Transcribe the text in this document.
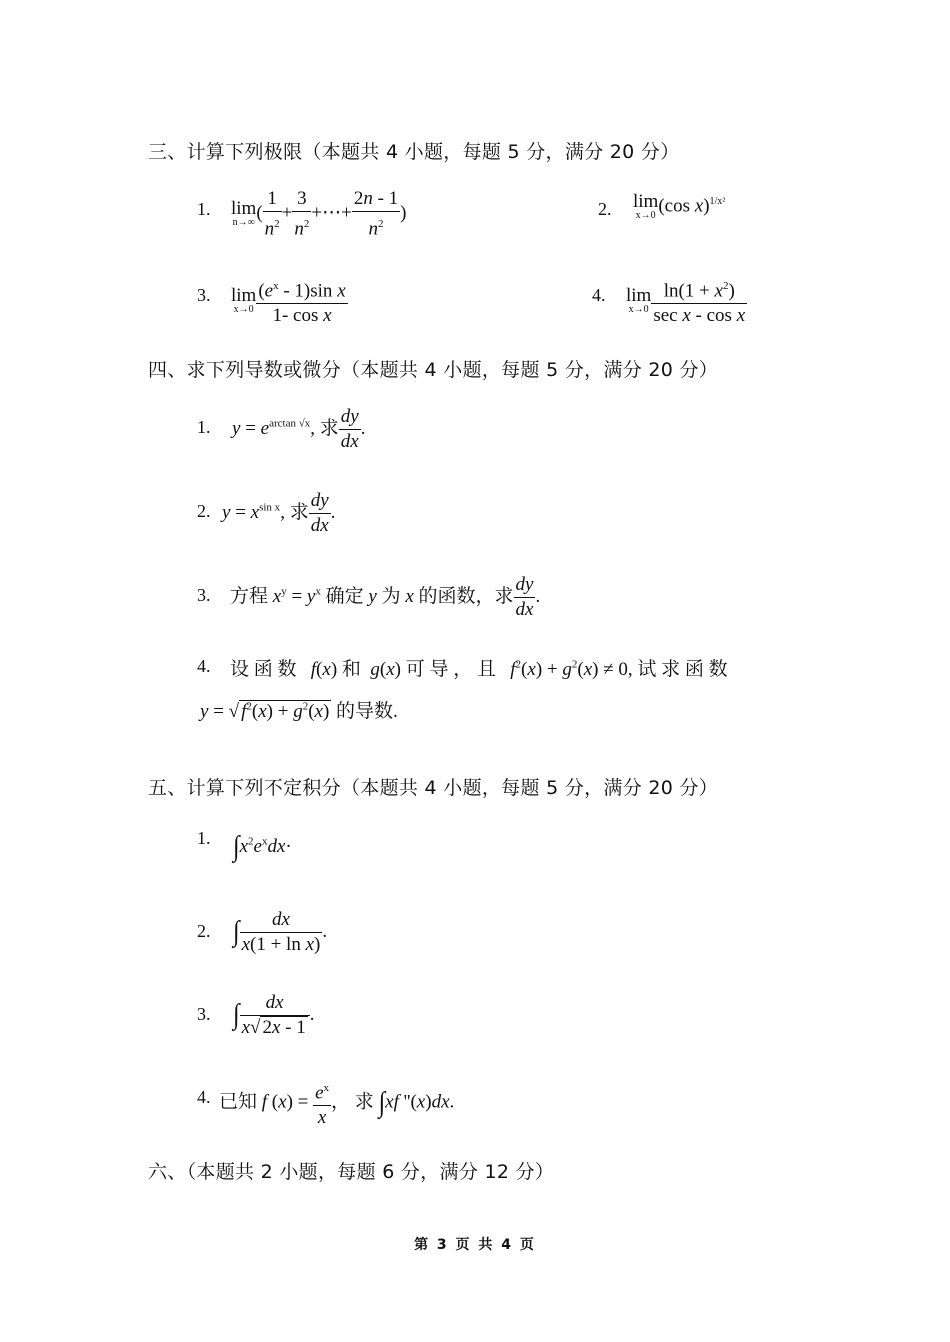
三、计算下列极限（本题共 4 小题，每题 5 分，满分 20 分）
1. lim
n→∞ ( $\frac{1}{n^2} + \frac{3}{n^2}$ +⋯+ $\frac{2n - 1}{n^2}$ )	2. lim
x→0 (cos x)$^{1/x^2}$
3. lim
$x\to 0 \frac{(e^x - 1)\sin x}{\text{1- cos x}}$	4. lim
$x\to 0 \frac{\ln(1 + x^2)}{\text{sec x - cos x}}$
四、求下列导数或微分（本题共 4 小题，每题 5 分，满分 20 分）
1. $y = e^{arctan √x}$, 求 $\frac{dy}{dx}$ .
2. $y = x^{sin x}$, 求 $\frac{dy}{dx}$ .
3. 方程 $x^y = y^x$ 确定 y 为 x 的函数，求 $\frac{dy}{dx}$ .
4. 设 函 数 f(x) 和 g(x) 可 导 ， 且 $f^2(x) + g^2(x) \ne 0$, 试 求 函 数
y = √ $f^2(x) + g^2(x)$ 的导数.
五、计算下列不定积分（本题共 4 小题，每题 5 分，满分 20 分）
1. $\int x^2e^xdx\cdot$
2. ∫ $\frac{dx}{\text{x(1 + ln x)}}$ .
3. ∫ $\frac{dx}{x√ 2x - 1}$ .
4. 已知 f $(x) = \frac{e^x}{x}$ ， 求 ∫xf ''(x)dx.
六、（本题共 2 小题，每题 6 分，满分 12 分）
第 3 页 共 4 页
